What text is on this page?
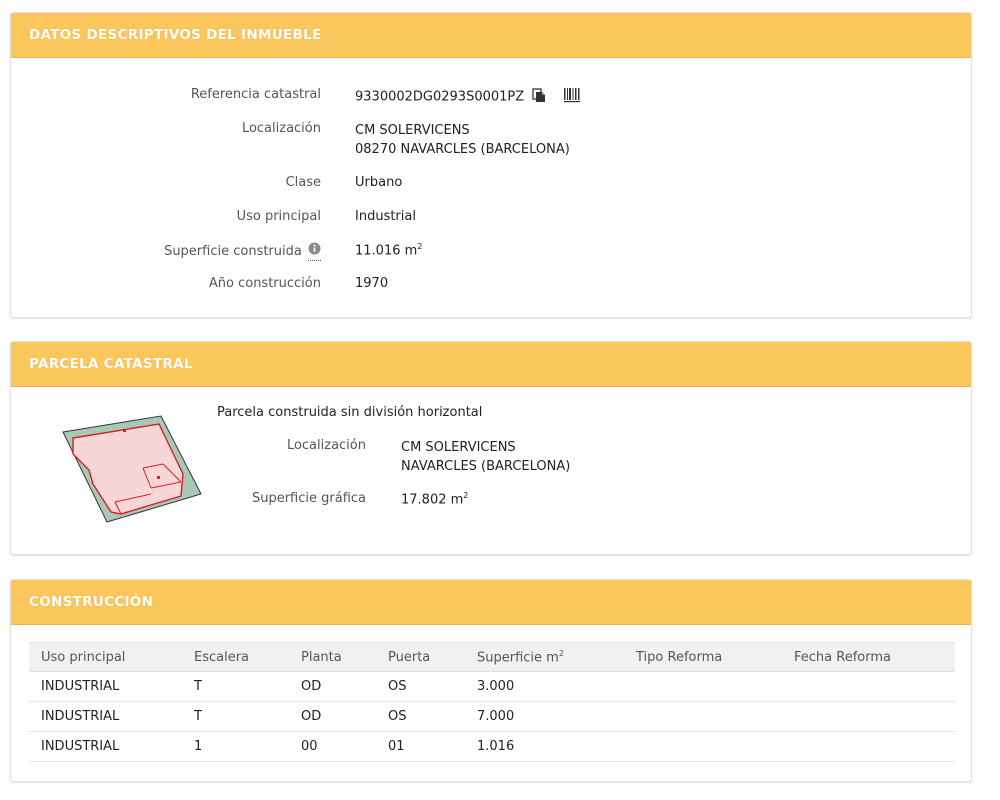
DATOS DESCRIPTIVOS DEL INMUEBLE
Referencia catastral	9330002DG0293S0001PZ
Localización	CM SOLERVICENS
08270 NAVARCLES (BARCELONA)
Clase	Urbano
Uso principal	Industrial
Superficie construida	11.016 $m^2$
Año construcción	1970
PARCELA CATASTRAL
Parcela construida sin división horizontal
Localización	CM SOLERVICENS
NAVARCLES (BARCELONA)
Superficie gráfica	17.802 $m^2$
CONSTRUCCIÓN
Uso principal	Escalera	Planta	Puerta	Superficie $m^2$	Tipo Reforma	Fecha Reforma
INDUSTRIAL	T	OD	OS	3.000		
INDUSTRIAL	T	OD	OS	7.000		
INDUSTRIAL	1	00	01	1.016		
